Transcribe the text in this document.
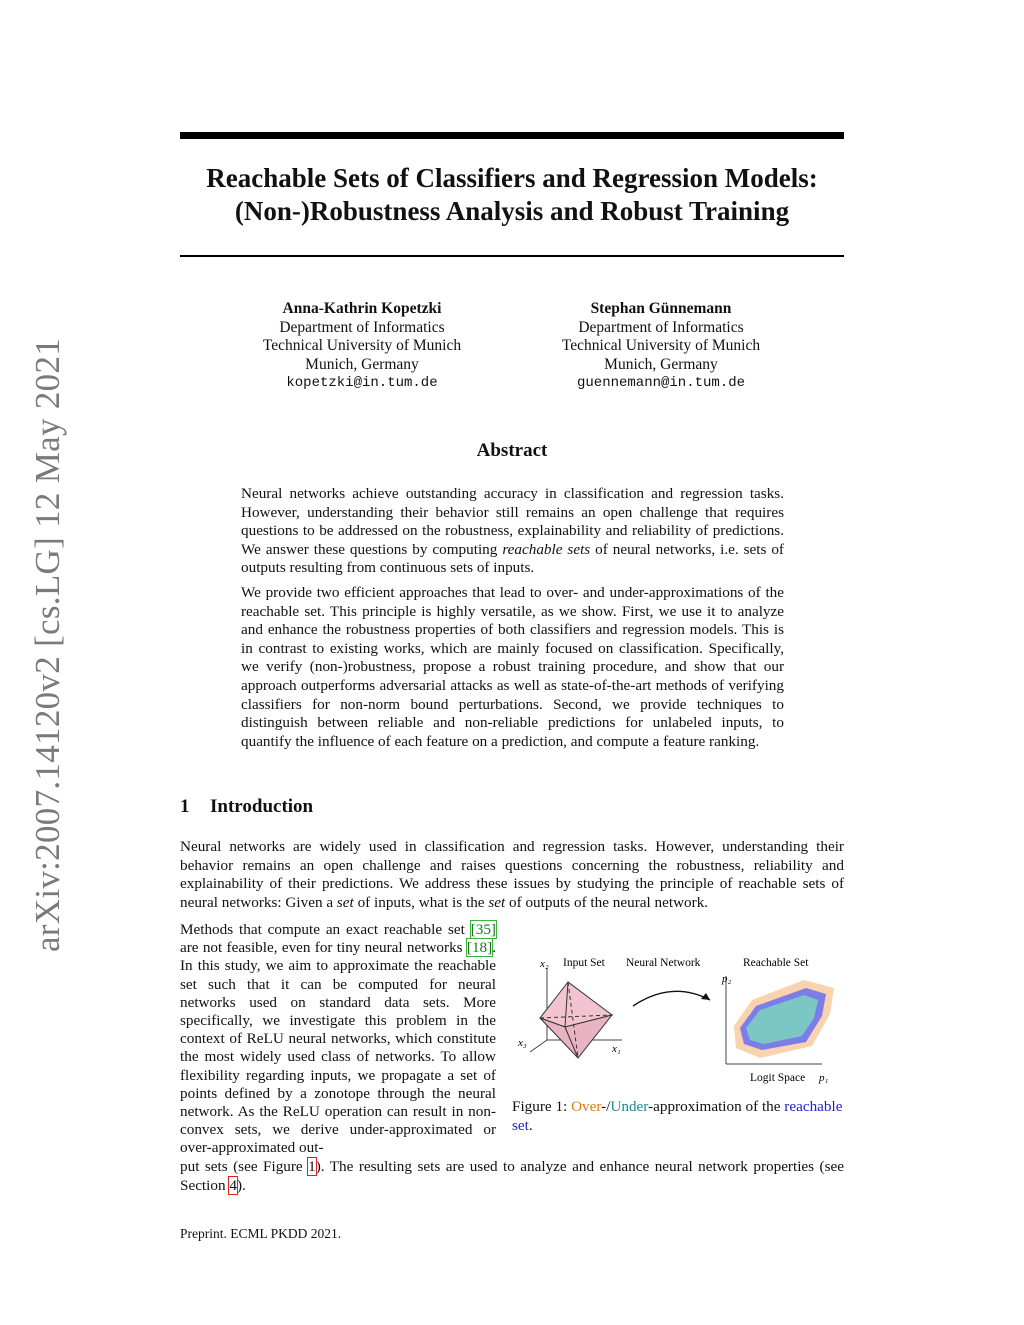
arXiv:2007.14120v2 [cs.LG] 12 May 2021
Reachable Sets of Classifiers and Regression Models:
(Non-)Robustness Analysis and Robust Training
Anna-Kathrin Kopetzki
Department of Informatics
Technical University of Munich
Munich, Germany
kopetzki@in.tum.de
Stephan Günnemann
Department of Informatics
Technical University of Munich
Munich, Germany
guennemann@in.tum.de
Abstract

Neural networks achieve outstanding accuracy in classification and regression tasks. However, understanding their behavior still remains an open challenge that requires questions to be addressed on the robustness, explainability and reliability of predictions. We answer these questions by computing reachable sets of neural networks, i.e. sets of outputs resulting from continuous sets of inputs.

We provide two efficient approaches that lead to over- and under-approximations of the reachable set. This principle is highly versatile, as we show. First, we use it to analyze and enhance the robustness properties of both classifiers and regression models. This is in contrast to existing works, which are mainly focused on classification. Specifically, we verify (non-)robustness, propose a robust training procedure, and show that our approach outperforms adversarial attacks as well as state-of-the-art methods of verifying classifiers for non-norm bound perturbations. Second, we provide techniques to distinguish between reliable and non-reliable predictions for unlabeled inputs, to quantify the influence of each feature on a prediction, and compute a feature ranking.

1 Introduction

Neural networks are widely used in classification and regression tasks. However, understanding their behavior remains an open challenge and raises questions concerning the robustness, reliability and explainability of their predictions. We address these issues by studying the principle of reachable sets of neural networks: Given a set of inputs, what is the set of outputs of the neural network.

Methods that compute an exact reachable set [35] are not feasible, even for tiny neural networks [18]. In this study, we aim to approximate the reachable set such that it can be computed for neural networks used on standard data sets. More specifically, we investigate this problem in the context of ReLU neural networks, which constitute the most widely used class of networks. To allow flexibility regarding inputs, we propagate a set of points defined by a zonotope through the neural network. As the ReLU operation can result in non-convex sets, we derive under-approximated or over-approximated out-

put sets (see Figure 1). The resulting sets are used to analyze and enhance neural network properties (see Section 4).

x₂ Input Set Neural Network	Reachable Set
p₂
x₁
x₃
Logit Space p₁
Figure 1: Over-/Under-approximation of the reachable set.
Preprint. ECML PKDD 2021.
